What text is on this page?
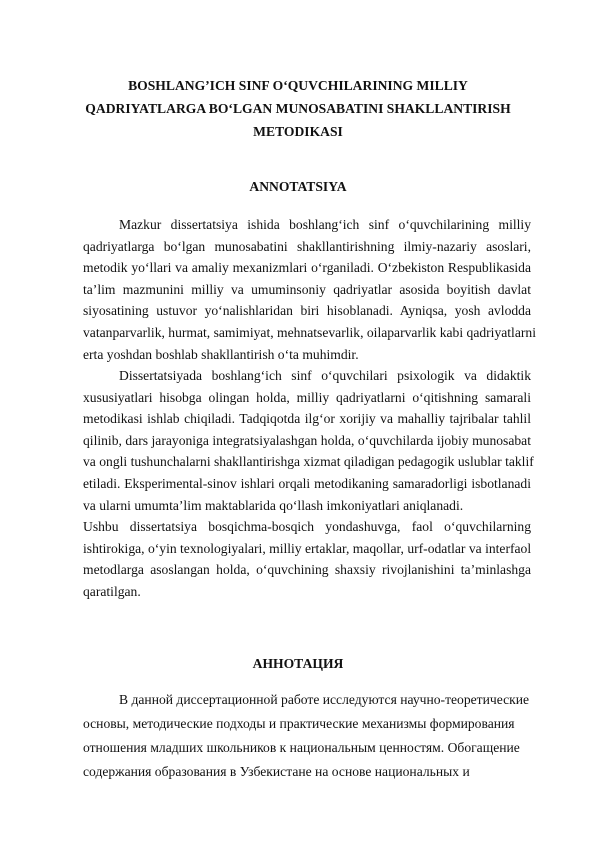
BOSHLANG’ICH SINF O‘QUVCHILARINING MILLIY
QADRIYATLARGA BO‘LGAN MUNOSABATINI SHAKLLANTIRISH
METODIKASI
ANNOTATSIYA
Mazkur dissertatsiya ishida boshlang‘ich sinf o‘quvchilarining milliy
qadriyatlarga bo‘lgan munosabatini shakllantirishning ilmiy-nazariy asoslari,
metodik yo‘llari va amaliy mexanizmlari o‘rganiladi. O‘zbekiston Respublikasida
ta’lim mazmunini milliy va umuminsoniy qadriyatlar asosida boyitish davlat
siyosatining ustuvor yo‘nalishlaridan biri hisoblanadi. Ayniqsa, yosh avlodda
vatanparvarlik, hurmat, samimiyat, mehnatsevarlik, oilaparvarlik kabi qadriyatlarni
erta yoshdan boshlab shakllantirish o‘ta muhimdir.
Dissertatsiyada boshlang‘ich sinf o‘quvchilari psixologik va didaktik
xususiyatlari hisobga olingan holda, milliy qadriyatlarni o‘qitishning samarali
metodikasi ishlab chiqiladi. Tadqiqotda ilg‘or xorijiy va mahalliy tajribalar tahlil
qilinib, dars jarayoniga integratsiyalashgan holda, o‘quvchilarda ijobiy munosabat
va ongli tushunchalarni shakllantirishga xizmat qiladigan pedagogik uslublar taklif
etiladi. Eksperimental-sinov ishlari orqali metodikaning samaradorligi isbotlanadi
va ularni umumta’lim maktablarida qo‘llash imkoniyatlari aniqlanadi.
Ushbu dissertatsiya bosqichma-bosqich yondashuvga, faol o‘quvchilarning
ishtirokiga, o‘yin texnologiyalari, milliy ertaklar, maqollar, urf-odatlar va interfaol
metodlarga asoslangan holda, o‘quvchining shaxsiy rivojlanishini ta’minlashga
qaratilgan.
АННОТАЦИЯ
В данной диссертационной работе исследуются научно-теоретические
основы, методические подходы и практические механизмы формирования
отношения младших школьников к национальным ценностям. Обогащение
содержания образования в Узбекистане на основе национальных и
